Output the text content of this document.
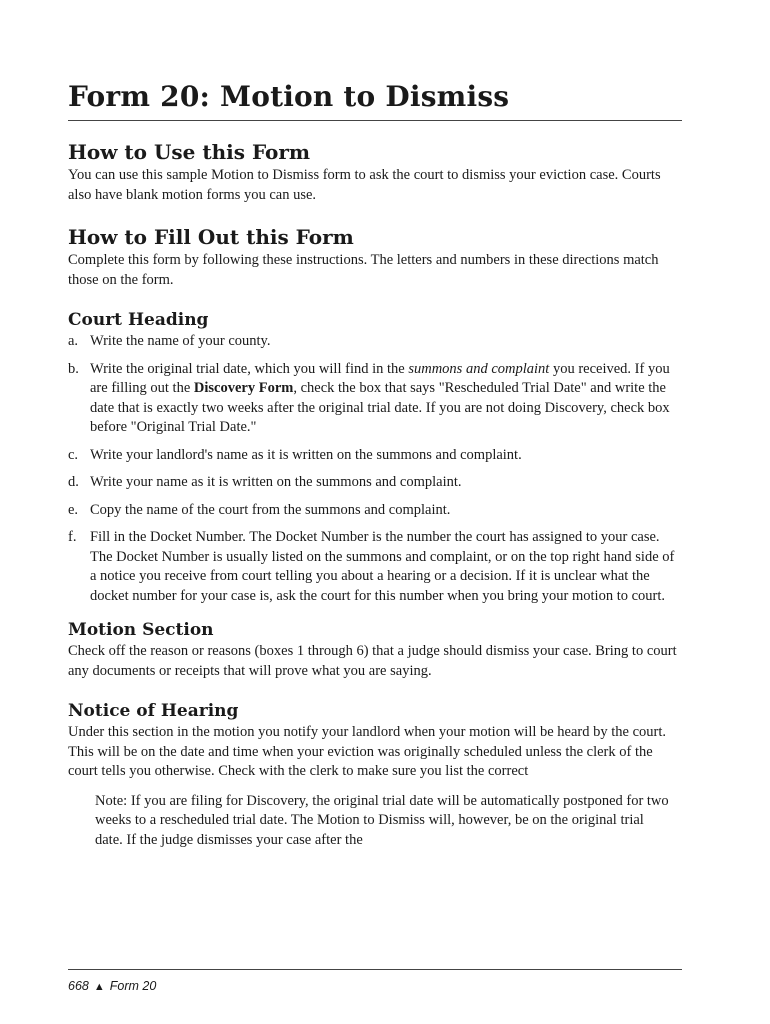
Form 20: Motion to Dismiss
How to Use this Form

You can use this sample Motion to Dismiss form to ask the court to dismiss your eviction case. Courts also have blank motion forms you can use.

How to Fill Out this Form

Complete this form by following these instructions. The letters and numbers in these directions match those on the form.

Court Heading
a. Write the name of your county.
b. Write the original trial date, which you will find in the summons and complaint you received. If you are filling out the Discovery Form, check the box that says "Rescheduled Trial Date" and write the date that is exactly two weeks after the original trial date. If you are not doing Discovery, check box before "Original Trial Date."
c. Write your landlord's name as it is written on the summons and complaint.
d. Write your name as it is written on the summons and complaint.
e. Copy the name of the court from the summons and complaint.
f. Fill in the Docket Number. The Docket Number is the number the court has assigned to your case. The Docket Number is usually listed on the summons and complaint, or on the top right hand side of a notice you receive from court telling you about a hearing or a decision. If it is unclear what the docket number for your case is, ask the court for this number when you bring your motion to court.
Motion Section

Check off the reason or reasons (boxes 1 through 6) that a judge should dismiss your case. Bring to court any documents or receipts that will prove what you are saying.

Notice of Hearing

Under this section in the motion you notify your landlord when your motion will be heard by the court. This will be on the date and time when your eviction was originally scheduled unless the clerk of the court tells you otherwise. Check with the clerk to make sure you list the correct

Note: If you are filing for Discovery, the original trial date will be automatically postponed for two weeks to a rescheduled trial date. The Motion to Dismiss will, however, be on the original trial date. If the judge dismisses your case after the

668 ▲ Form 20
